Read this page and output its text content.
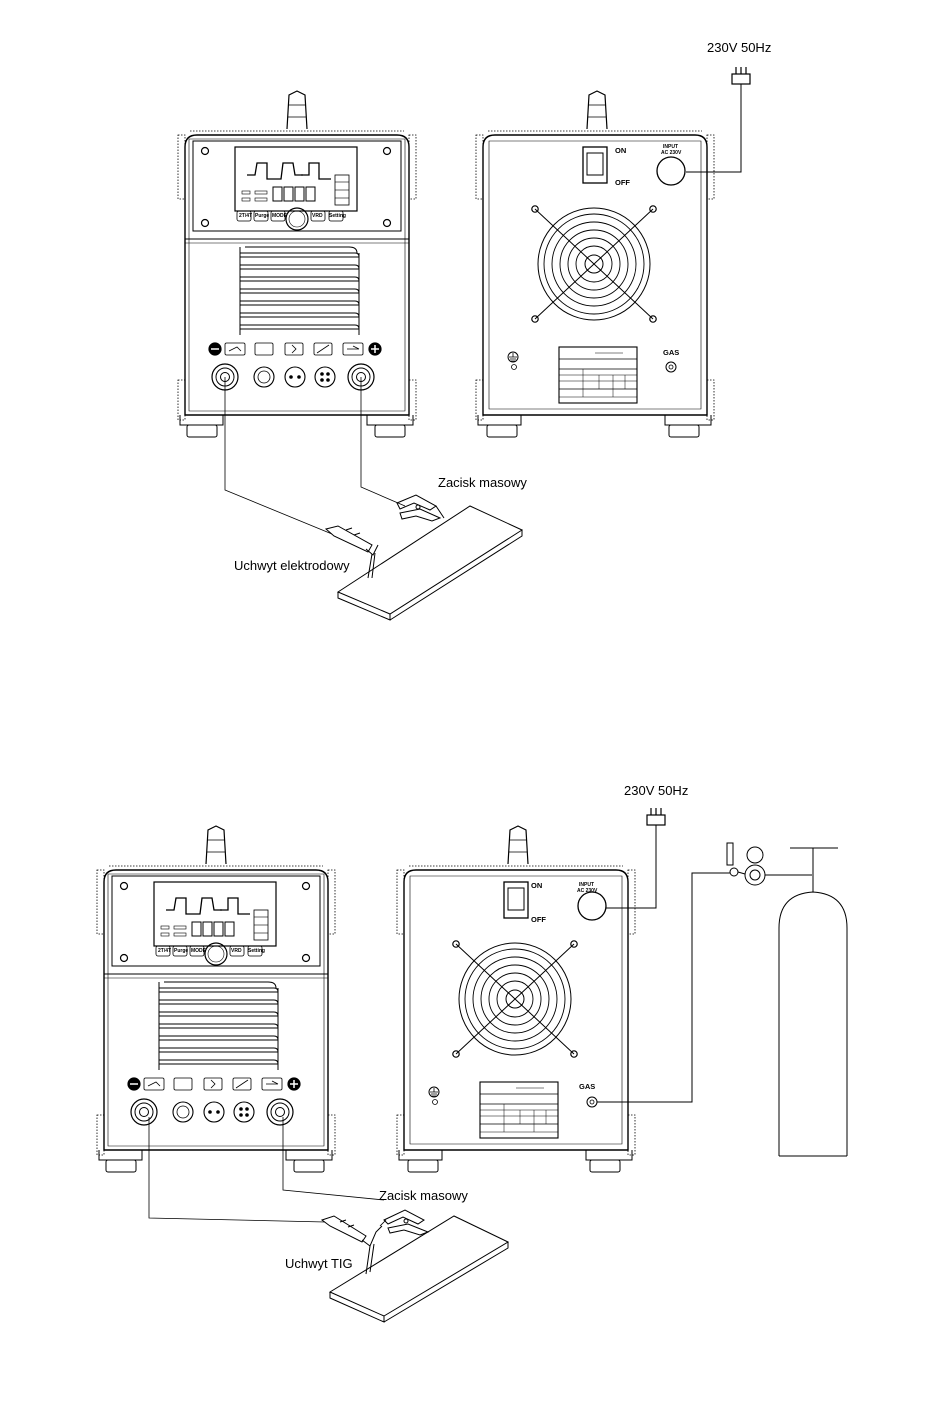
2T/4T Purge MODE	VRD Setting
ON
OFF
INPUT
AC 230V
GAS
230V 50Hz
Zacisk masowy
Uchwyt elektrodowy
2T/4T Purge MODE	VRD Setting
ON
OFF
INPUT
AC 230V
GAS
230V 50Hz
Zacisk masowy
Uchwyt TIG
